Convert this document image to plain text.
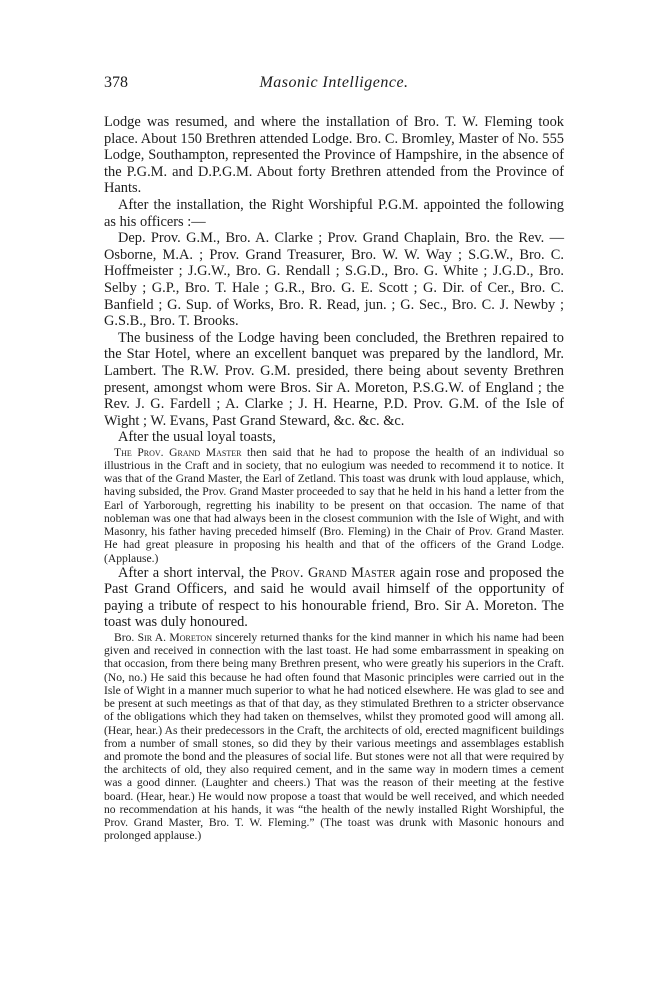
378	Masonic Intelligence.

Lodge was resumed, and where the installation of Bro. T. W. Fleming took place. About 150 Brethren attended Lodge. Bro. C. Bromley, Master of No. 555 Lodge, Southampton, represented the Province of Hampshire, in the absence of the P.G.M. and D.P.G.M. About forty Brethren attended from the Province of Hants.

After the installation, the Right Worshipful P.G.M. appointed the following as his officers :—

Dep. Prov. G.M., Bro. A. Clarke ; Prov. Grand Chaplain, Bro. the Rev. — Osborne, M.A. ; Prov. Grand Treasurer, Bro. W. W. Way ; S.G.W., Bro. C. Hoffmeister ; J.G.W., Bro. G. Rendall ; S.G.D., Bro. G. White ; J.G.D., Bro. Selby ; G.P., Bro. T. Hale ; G.R., Bro. G. E. Scott ; G. Dir. of Cer., Bro. C. Banfield ; G. Sup. of Works, Bro. R. Read, jun. ; G. Sec., Bro. C. J. Newby ; G.S.B., Bro. T. Brooks.

The business of the Lodge having been concluded, the Brethren repaired to the Star Hotel, where an excellent banquet was prepared by the landlord, Mr. Lambert. The R.W. Prov. G.M. presided, there being about seventy Brethren present, amongst whom were Bros. Sir A. Moreton, P.S.G.W. of England ; the Rev. J. G. Fardell ; A. Clarke ; J. H. Hearne, P.D. Prov. G.M. of the Isle of Wight ; W. Evans, Past Grand Steward, &c. &c. &c.

After the usual loyal toasts,

The Prov. Grand Master then said that he had to propose the health of an individual so illustrious in the Craft and in society, that no eulogium was needed to recommend it to notice. It was that of the Grand Master, the Earl of Zetland. This toast was drunk with loud applause, which, having subsided, the Prov. Grand Master proceeded to say that he held in his hand a letter from the Earl of Yarborough, regretting his inability to be present on that occasion. The name of that nobleman was one that had always been in the closest communion with the Isle of Wight, and with Masonry, his father having preceded himself (Bro. Fleming) in the Chair of Prov. Grand Master. He had great pleasure in proposing his health and that of the officers of the Grand Lodge. (Applause.)

After a short interval, the Prov. Grand Master again rose and proposed the Past Grand Officers, and said he would avail himself of the opportunity of paying a tribute of respect to his honourable friend, Bro. Sir A. Moreton. The toast was duly honoured.

Bro. Sir A. Moreton sincerely returned thanks for the kind manner in which his name had been given and received in connection with the last toast. He had some embarrassment in speaking on that occasion, from there being many Brethren present, who were greatly his superiors in the Craft. (No, no.) He said this because he had often found that Masonic principles were carried out in the Isle of Wight in a manner much superior to what he had noticed elsewhere. He was glad to see and be present at such meetings as that of that day, as they stimulated Brethren to a stricter observance of the obligations which they had taken on themselves, whilst they promoted good will among all. (Hear, hear.) As their predecessors in the Craft, the architects of old, erected magnificent buildings from a number of small stones, so did they by their various meetings and assemblages establish and promote the bond and the pleasures of social life. But stones were not all that were required by the architects of old, they also required cement, and in the same way in modern times a cement was a good dinner. (Laughter and cheers.) That was the reason of their meeting at the festive board. (Hear, hear.) He would now propose a toast that would be well received, and which needed no recommendation at his hands, it was “the health of the newly installed Right Worshipful, the Prov. Grand Master, Bro. T. W. Fleming.” (The toast was drunk with Masonic honours and prolonged applause.)
